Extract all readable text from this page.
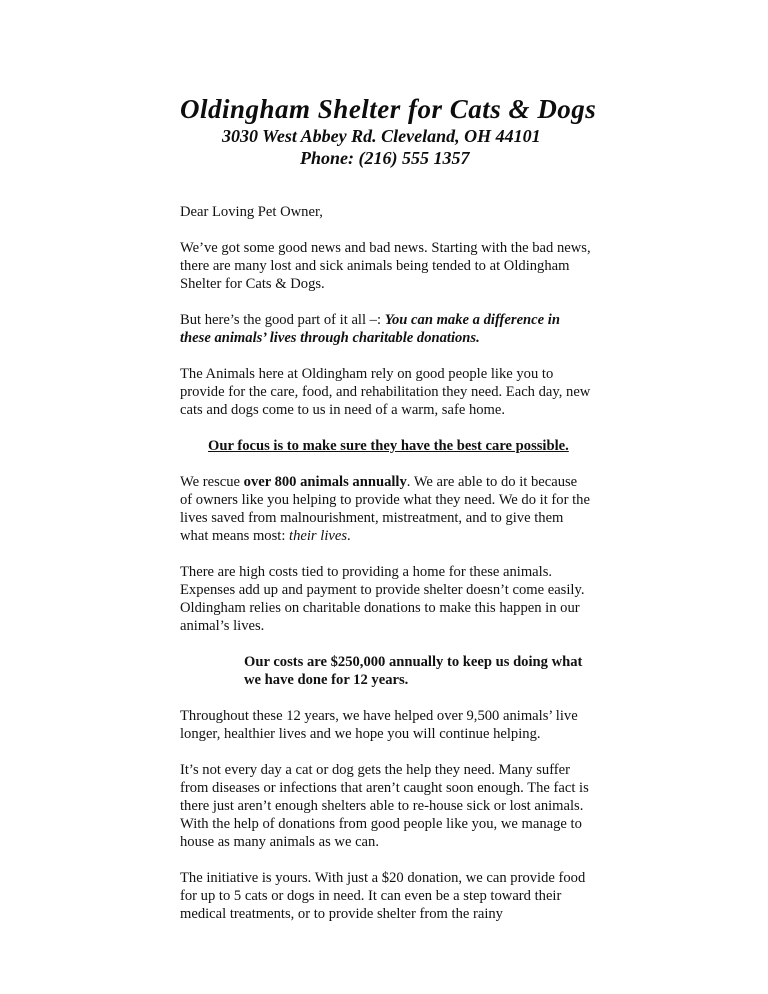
Oldingham Shelter for Cats & Dogs
3030 West Abbey Rd. Cleveland, OH 44101
Phone: (216) 555 1357

Dear Loving Pet Owner,

We’ve got some good news and bad news. Starting with the bad news, there are many lost and sick animals being tended to at Oldingham Shelter for Cats & Dogs.

But here’s the good part of it all –: You can make a difference in these animals’ lives through charitable donations.

The Animals here at Oldingham rely on good people like you to provide for the care, food, and rehabilitation they need. Each day, new cats and dogs come to us in need of a warm, safe home.

Our focus is to make sure they have the best care possible.

We rescue over 800 animals annually. We are able to do it because of owners like you helping to provide what they need. We do it for the lives saved from malnourishment, mistreatment, and to give them what means most: their lives.

There are high costs tied to providing a home for these animals. Expenses add up and payment to provide shelter doesn’t come easily. Oldingham relies on charitable donations to make this happen in our animal’s lives.

Our costs are $250,000 annually to keep us doing what we have done for 12 years.

Throughout these 12 years, we have helped over 9,500 animals’ live longer, healthier lives and we hope you will continue helping.

It’s not every day a cat or dog gets the help they need. Many suffer from diseases or infections that aren’t caught soon enough. The fact is there just aren’t enough shelters able to re-house sick or lost animals. With the help of donations from good people like you, we manage to house as many animals as we can.

The initiative is yours. With just a $20 donation, we can provide food for up to 5 cats or dogs in need. It can even be a step toward their medical treatments, or to provide shelter from the rainy
